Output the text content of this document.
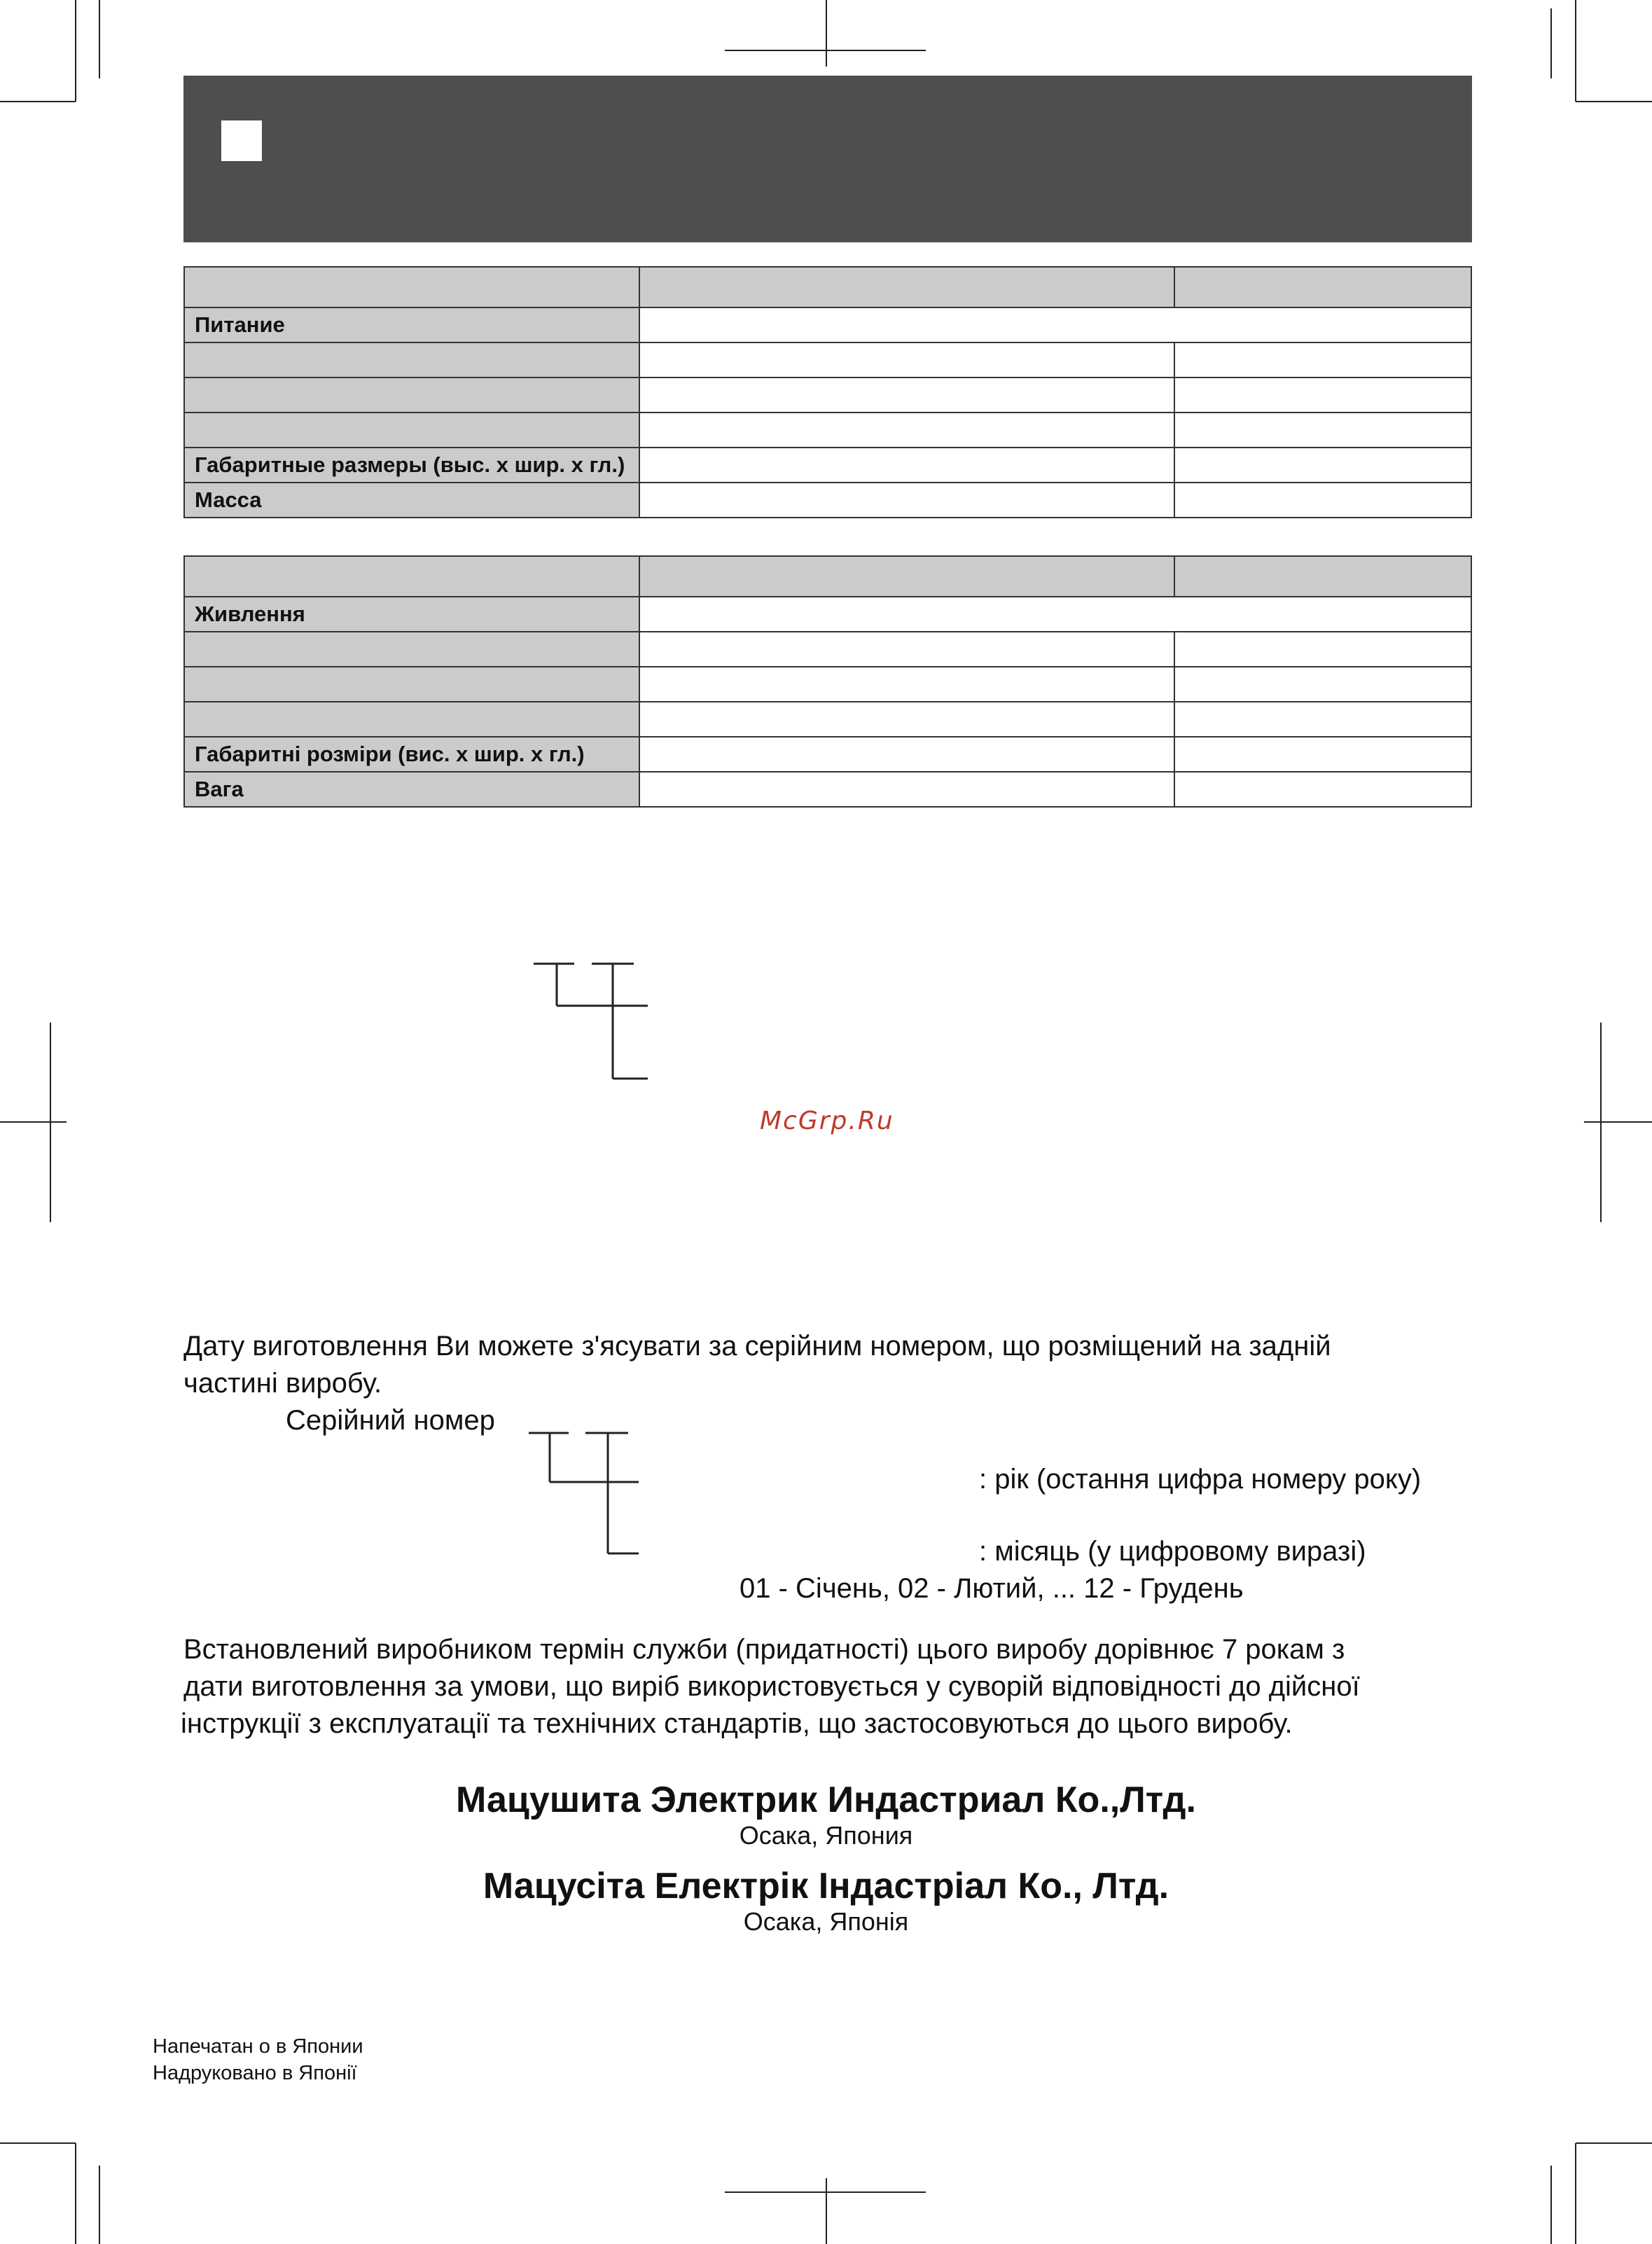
Питание		

Габаритные размеры (выс. x шир. x гл.)		
Масса		

Живлення		

Габаритні розміри (вис. x шир. x гл.)		
Вага		
McGrp.Ru
Дату виготовлення Ви можете з'ясувати за серійним номером, що розміщений на задній
частині виробу.
Серійний номер
: рік (остання цифра номеру року)
: місяць (у цифровому виразі)
01 - Січень, 02 - Лютий, ... 12 - Грудень
Встановлений виробником термін служби (придатності) цього виробу дорівнює 7 рокам з
дати виготовлення за умови, що виріб використовується у суворій відповідності до дійсної
інструкції з експлуатації та технічних стандартів, що застосовуються до цього виробу.
Мацушита Электрик Индастриал Ко.,Лтд.
Осака, Япония
Мацусіта Електрік Індастріал Ко., Лтд.
Осака, Японія
Напечатан о в Японии
Надруковано в Японії
